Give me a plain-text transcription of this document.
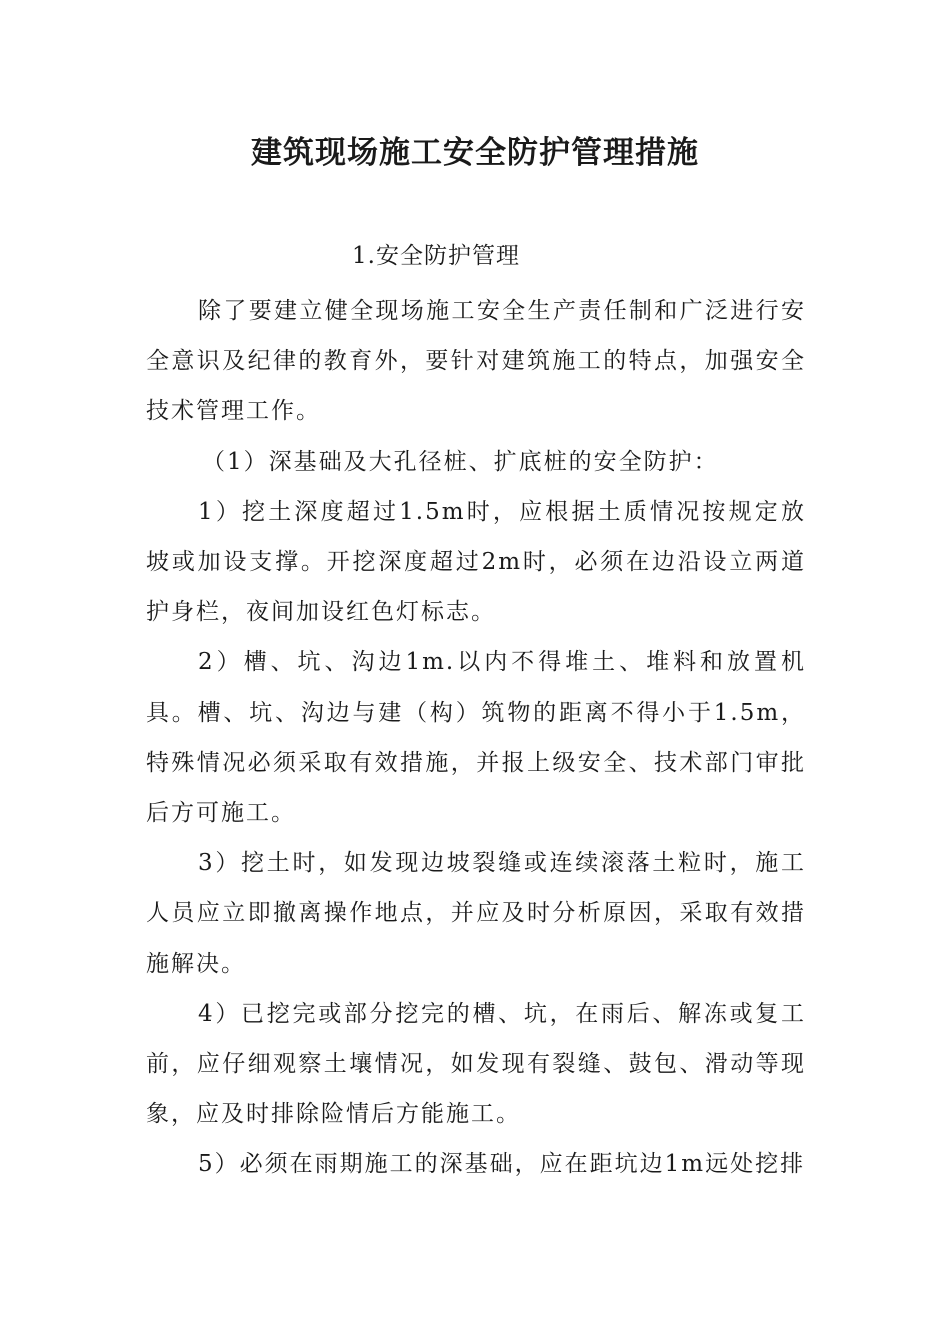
建筑现场施工安全防护管理措施

1.安全防护管理

除了要建立健全现场施工安全生产责任制和广泛进行安全意识及纪律的教育外，要针对建筑施工的特点，加强安全技术管理工作。

（1）深基础及大孔径桩、扩底桩的安全防护：

1）挖土深度超过1.5m时，应根据土质情况按规定放坡或加设支撑。开挖深度超过2m时，必须在边沿设立两道护身栏，夜间加设红色灯标志。

2）槽、坑、沟边1m.以内不得堆土、堆料和放置机具。槽、坑、沟边与建（构）筑物的距离不得小于1.5m，特殊情况必须采取有效措施，并报上级安全、技术部门审批后方可施工。

3）挖土时，如发现边坡裂缝或连续滚落土粒时，施工人员应立即撤离操作地点，并应及时分析原因，采取有效措施解决。

4）已挖完或部分挖完的槽、坑，在雨后、解冻或复工前，应仔细观察土壤情况，如发现有裂缝、鼓包、滑动等现象，应及时排除险情后方能施工。

5）必须在雨期施工的深基础，应在距坑边1m远处挖排
